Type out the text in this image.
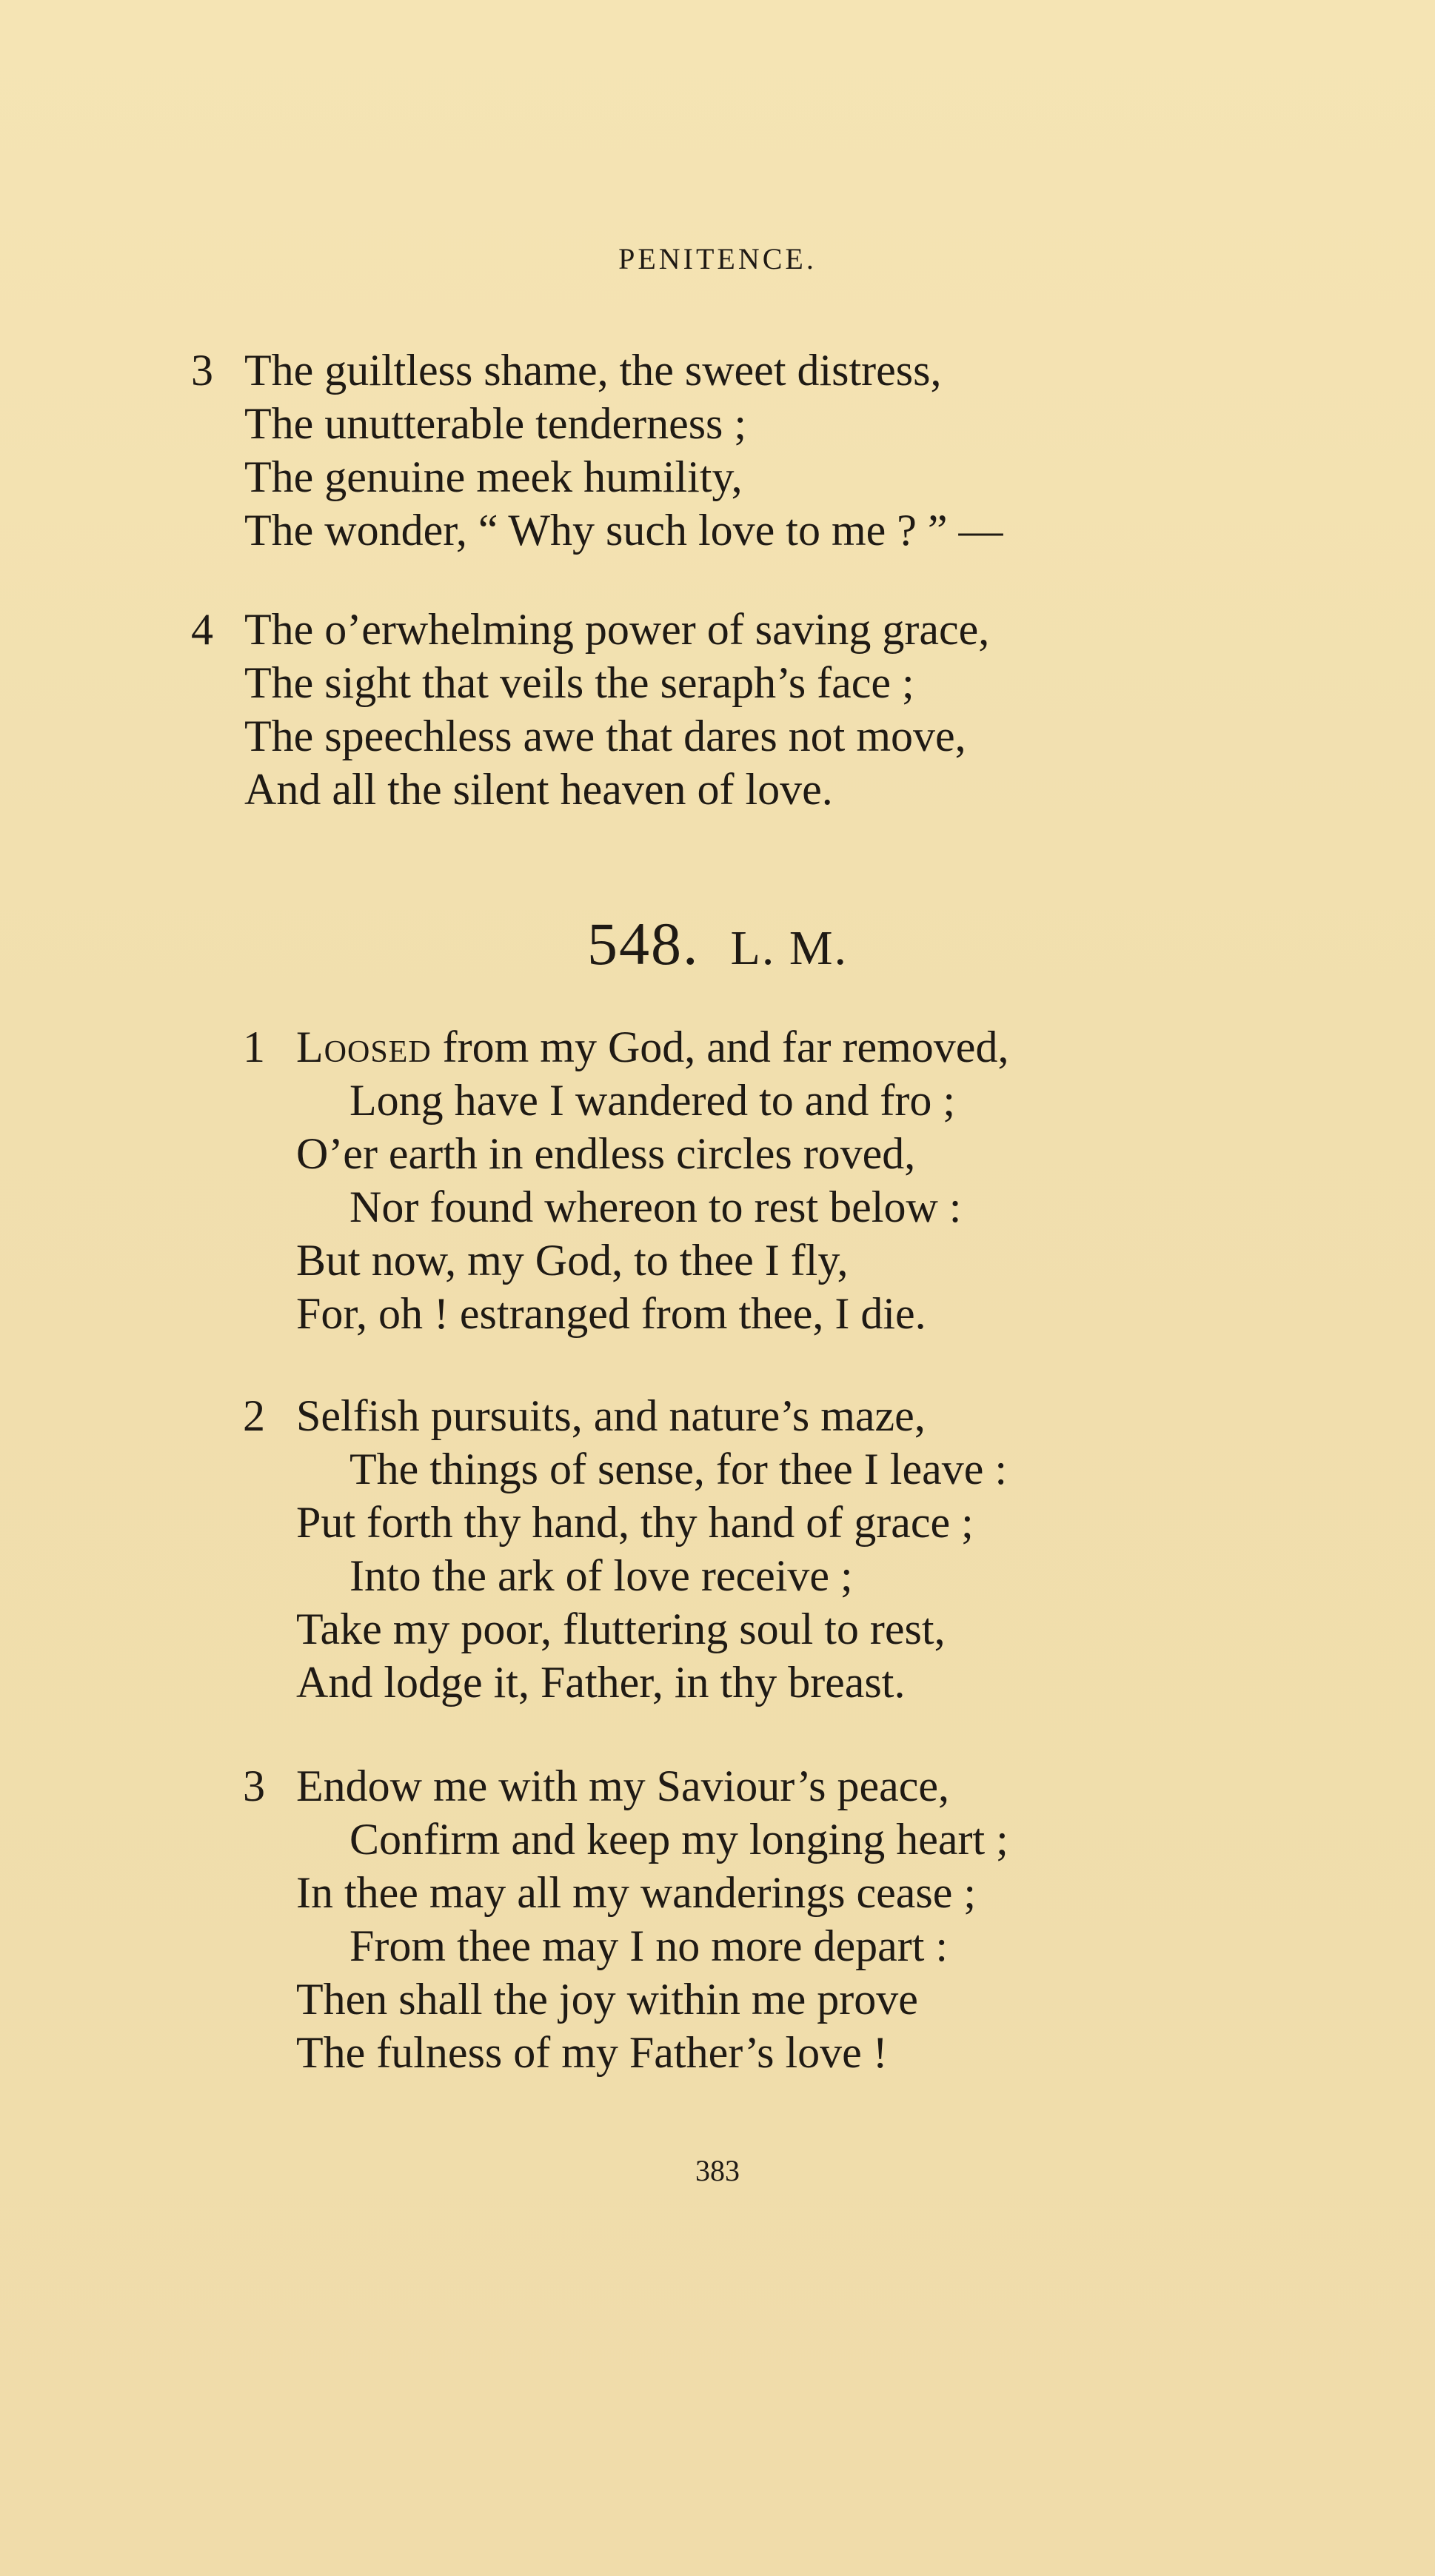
PENITENCE.
3 The guiltless shame, the sweet distress,
The unutterable tenderness ;
The genuine meek humility,
The wonder, “ Why such love to me ? ” —
4 The o’erwhelming power of saving grace,
The sight that veils the seraph’s face ;
The speechless awe that dares not move,
And all the silent heaven of love.
548. L. M.
1 Loosed from my God, and far removed,
Long have I wandered to and fro ;
O’er earth in endless circles roved,
Nor found whereon to rest below :
But now, my God, to thee I fly,
For, oh ! estranged from thee, I die.
2 Selfish pursuits, and nature’s maze,
The things of sense, for thee I leave :
Put forth thy hand, thy hand of grace ;
Into the ark of love receive ;
Take my poor, fluttering soul to rest,
And lodge it, Father, in thy breast.
3 Endow me with my Saviour’s peace,
Confirm and keep my longing heart ;
In thee may all my wanderings cease ;
From thee may I no more depart :
Then shall the joy within me prove
The fulness of my Father’s love !
383
